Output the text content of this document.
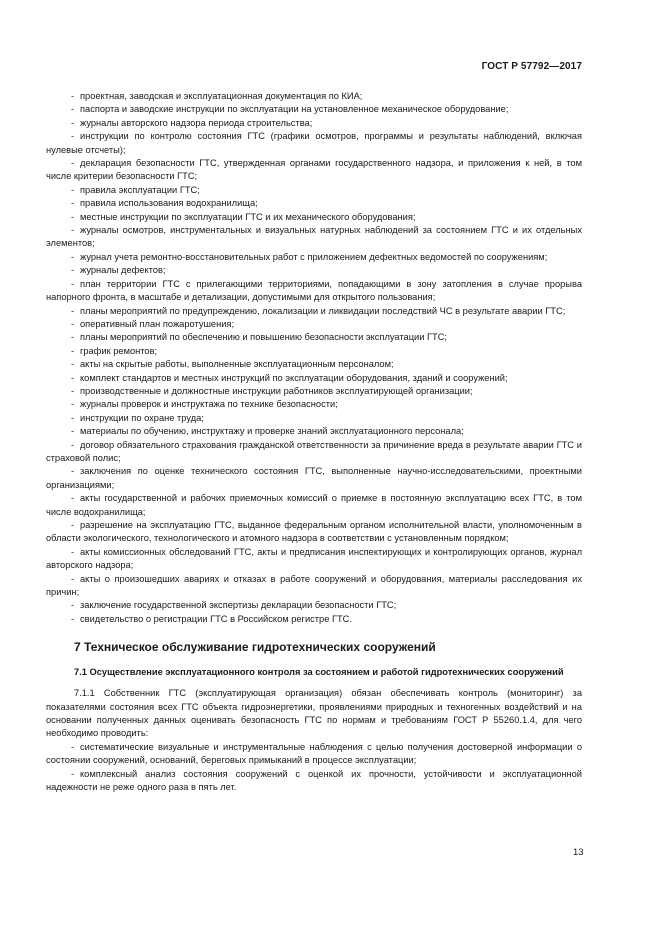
ГОСТ Р 57792—2017

- проектная, заводская и эксплуатационная документация по КИА;

- паспорта и заводские инструкции по эксплуатации на установленное механическое оборудование;

- журналы авторского надзора периода строительства;

- инструкции по контролю состояния ГТС (графики осмотров, программы и результаты наблюдений, включая нулевые отсчеты);

- декларация безопасности ГТС, утвержденная органами государственного надзора, и приложения к ней, в том числе критерии безопасности ГТС;

- правила эксплуатации ГТС;

- правила использования водохранилища;

- местные инструкции по эксплуатации ГТС и их механического оборудования;

- журналы осмотров, инструментальных и визуальных натурных наблюдений за состоянием ГТС и их отдельных элементов;

- журнал учета ремонтно-восстановительных работ с приложением дефектных ведомостей по сооружениям;

- журналы дефектов;

- план территории ГТС с прилегающими территориями, попадающими в зону затопления в случае прорыва напорного фронта, в масштабе и детализации, допустимыми для открытого пользования;

- планы мероприятий по предупреждению, локализации и ликвидации последствий ЧС в результате аварии ГТС;

- оперативный план пожаротушения;

- планы мероприятий по обеспечению и повышению безопасности эксплуатации ГТС;

- график ремонтов;

- акты на скрытые работы, выполненные эксплуатационным персоналом;

- комплект стандартов и местных инструкций по эксплуатации оборудования, зданий и сооружений;

- производственные и должностные инструкции работников эксплуатирующей организации;

- журналы проверок и инструктажа по технике безопасности;

- инструкции по охране труда;

- материалы по обучению, инструктажу и проверке знаний эксплуатационного персонала;

- договор обязательного страхования гражданской ответственности за причинение вреда в результате аварии ГТС и страховой полис;

- заключения по оценке технического состояния ГТС, выполненные научно-исследовательскими, проектными организациями;

- акты государственной и рабочих приемочных комиссий о приемке в постоянную эксплуатацию всех ГТС, в том числе водохранилища;

- разрешение на эксплуатацию ГТС, выданное федеральным органом исполнительной власти, уполномоченным в области экологического, технологического и атомного надзора в соответствии с установленным порядком;

- акты комиссионных обследований ГТС, акты и предписания инспектирующих и контролирующих органов, журнал авторского надзора;

- акты о произошедших авариях и отказах в работе сооружений и оборудования, материалы расследования их причин;

- заключение государственной экспертизы декларации безопасности ГТС;

- свидетельство о регистрации ГТС в Российском регистре ГТС.

7 Техническое обслуживание гидротехнических сооружений
7.1 Осуществление эксплуатационного контроля за состоянием и работой гидротехнических сооружений

7.1.1 Собственник ГТС (эксплуатирующая организация) обязан обеспечивать контроль (мониторинг) за показателями состояния всех ГТС объекта гидроэнергетики, проявлениями природных и техногенных воздействий и на основании полученных данных оценивать безопасность ГТС по нормам и требованиям ГОСТ Р 55260.1.4, для чего необходимо проводить:

- систематические визуальные и инструментальные наблюдения с целью получения достоверной информации о состоянии сооружений, оснований, береговых примыканий в процессе эксплуатации;

- комплексный анализ состояния сооружений с оценкой их прочности, устойчивости и эксплуатационной надежности не реже одного раза в пять лет.

13
